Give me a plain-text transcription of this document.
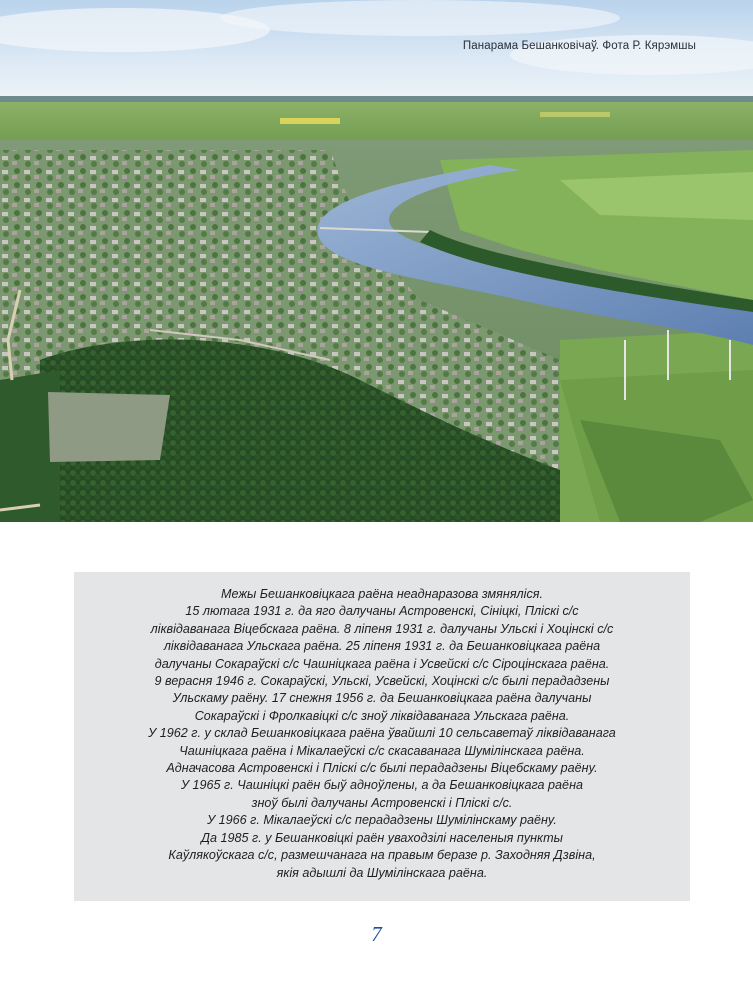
Панарама Бешанковічаў. Фота Р. Кярэмшы
Межы Бешанковіцкага раёна неаднаразова змяняліся.
15 лютага 1931 г. да яго далучаны Астровенскі, Сініцкі, Пліскі с/с
ліквідаванага Віцебскага раёна. 8 ліпеня 1931 г. далучаны Ульскі і Хоцінскі с/с
ліквідаванага Ульскага раёна. 25 ліпеня 1931 г. да Бешанковіцкага раёна
далучаны Сокараўскі с/с Чашніцкага раёна і Усвейскі с/с Сіроцінскага раёна.
9 верасня 1946 г. Сокараўскі, Ульскі, Усвейскі, Хоцінскі с/с былі перададзены
Ульскаму раёну. 17 снежня 1956 г. да Бешанковіцкага раёна далучаны
Сокараўскі і Фролкавіцкі с/с зноў ліквідаванага Ульскага раёна.
У 1962 г. у склад Бешанковіцкага раёна ўвайшлі 10 сельсаветаў ліквідаванага
Чашніцкага раёна і Мікалаеўскі с/с скасаванага Шумілінскага раёна.
Адначасова Астровенскі і Пліскі с/с былі перададзены Віцебскаму раёну.
У 1965 г. Чашніцкі раён быў адноўлены, а да Бешанковіцкага раёна
зноў былі далучаны Астровенскі і Пліскі с/с.
У 1966 г. Мікалаеўскі с/с перададзены Шумілінскаму раёну.
Да 1985 г. у Бешанковіцкі раён уваходзілі населеныя пункты
Каўлякоўскага с/с, размешчанага на правым беразе р. Заходняя Дзвіна,
якія адышлі да Шумілінскага раёна.
7
